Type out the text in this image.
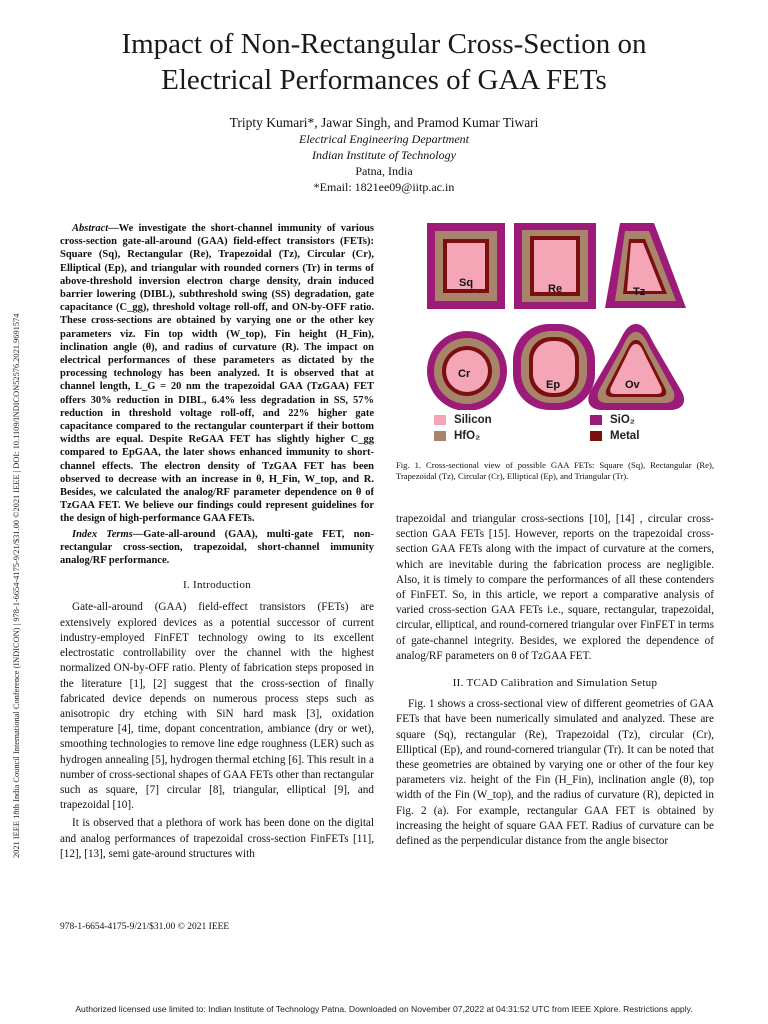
Impact of Non-Rectangular Cross-Section on
Electrical Performances of GAA FETs
Tripty Kumari*, Jawar Singh, and Pramod Kumar Tiwari
Electrical Engineering Department
Indian Institute of Technology
Patna, India
*Email: 1821ee09@iitp.ac.in
2021 IEEE 18th India Council International Conference (INDICON) | 978-1-6654-4175-9/21/$31.00 ©2021 IEEE | DOI: 10.1109/INDICON52576.2021.9691574
Abstract—We investigate the short-channel immunity of various cross-section gate-all-around (GAA) field-effect transistors (FETs): Square (Sq), Rectangular (Re), Trapezoidal (Tz), Circular (Cr), Elliptical (Ep), and triangular with rounded corners (Tr) in terms of above-threshold inversion electron charge density, drain induced barrier lowering (DIBL), subthreshold swing (SS) degradation, gate capacitance (C_gg), threshold voltage roll-off, and ON-by-OFF ratio. These cross-sections are obtained by varying one or the other key parameters viz. Fin top width (W_top), Fin height (H_Fin), inclination angle (θ), and radius of curvature (R). The impact on electrical performances of these parameters as dictated by the processing technology has been analyzed. It is observed that at channel length, L_G = 20 nm the trapezoidal GAA (TzGAA) FET offers 30% reduction in DIBL, 6.4% less degradation in SS, 57% reduction in threshold voltage roll-off, and 22% higher gate capacitance compared to the rectangular counterpart if their bottom widths are equal. Despite ReGAA FET has slightly higher C_gg compared to EpGAA, the later shows enhanced immunity to short-channel effects. The electron density of TzGAA FET has been observed to decrease with an increase in θ, H_Fin, W_top, and R. Besides, we calculated the analog/RF parameter dependence on θ of TzGAA FET. We believe our findings could represent guidelines for the design of high-performance GAA FETs.
Index Terms—Gate-all-around (GAA), multi-gate FET, non-rectangular cross-section, trapezoidal, short-channel immunity analog/RF performance.
I. Introduction

Gate-all-around (GAA) field-effect transistors (FETs) are extensively explored devices as a potential successor of current industry-employed FinFET technology owing to its excellent electrostatic controllability over the channel with the highest normalized ON-by-OFF ratio. Plenty of fabrication steps proposed in the literature [1], [2] suggest that the cross-section of finally fabricated device depends on numerous process steps such as anisotropic dry etching with SiN hard mask [3], oxidation temperature [4], time, dopant concentration, ambiance (dry or wet), smoothing technologies to remove line edge roughness (LER) such as hydrogen annealing [5], hydrogen thermal etching [6]. This result in a number of cross-sectional shapes of GAA FETs other than rectangular such as square, [7] circular [8], triangular, elliptical [9], and trapezoidal [10].

It is observed that a plethora of work has been done on the digital and analog performances of trapezoidal cross-section FinFETs [11], [12], [13], semi gate-around structures with

Sq	Re	Tz
Cr
Ep	Ov
Silicon
HfO₂
SiO₂
Metal
Fig. 1. Cross-sectional view of possible GAA FETs: Square (Sq), Rectangular (Re), Trapezoidal (Tz), Circular (Cr), Elliptical (Ep), and Triangular (Tr).
trapezoidal and triangular cross-sections [10], [14] , circular cross-section GAA FETs [15]. However, reports on the trapezoidal cross-section GAA FETs along with the impact of curvature at the corners, which are inevitable during the fabrication process are negligible. Also, it is timely to compare the performances of all these contenders of FinFET. So, in this article, we report a comparative analysis of varied cross-section GAA FETs i.e., square, rectangular, trapezoidal, circular, elliptical, and round-cornered triangular over FinFET in terms of gate-channel integrity. Besides, we explored the dependence of analog/RF parameters on θ of TzGAA FET.
II. TCAD Calibration and Simulation Setup
Fig. 1 shows a cross-sectional view of different geometries of GAA FETs that have been numerically simulated and analyzed. These are square (Sq), rectangular (Re), Trapezoidal (Tz), circular (Cr), Elliptical (Ep), and round-cornered triangular (Tr). It can be noted that these geometries are obtained by varying one or other of the four key parameters viz. height of the Fin (H_Fin), inclination angle (θ), top width of the Fin (W_top), and the radius of curvature (R), depicted in Fig. 2 (a). For example, rectangular GAA FET is obtained by increasing the height of square GAA FET. Radius of curvature can be defined as the perpendicular distance from the angle bisector
978-1-6654-4175-9/21/$31.00 © 2021 IEEE
Authorized licensed use limited to: Indian Institute of Technology Patna. Downloaded on November 07,2022 at 04:31:52 UTC from IEEE Xplore. Restrictions apply.
